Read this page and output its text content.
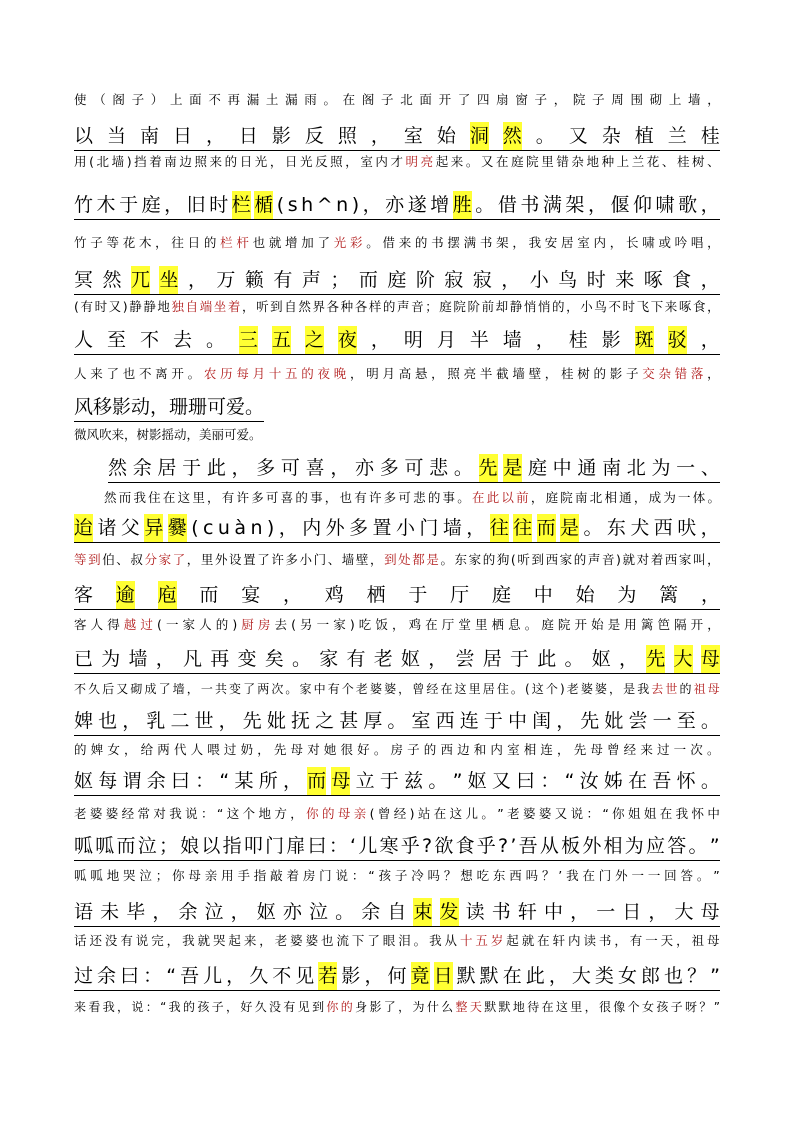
使 （ 阁 子 ） 上 面 不 再 漏 土 漏 雨 。 在 阁 子 北 面 开 了 四 扇 窗 子 ， 院 子 周 围 砌 上 墙 ，
以 当 南 日 ， 日 影 反 照 ， 室 始 洞 然 。 又 杂 植 兰 桂
用 ( 北 墙 ) 挡 着 南 边 照 来 的 日 光 ， 日 光 反 照 ， 室 内 才 明 亮 起 来 。 又 在 庭 院 里 错 杂 地 种 上 兰 花 、 桂 树 、
竹 木 于 庭 ， 旧 时 栏 楯 ( s h ^ n ) ， 亦 遂 增 胜 。 借 书 满 架 ， 偃 仰 啸 歌 ，
竹 子 等 花 木 ， 往 日 的 栏 杆 也 就 增 加 了 光 彩 。 借 来 的 书 摆 满 书 架 ， 我 安 居 室 内 ， 长 啸 或 吟 唱 ，
冥 然 兀 坐 ， 万 籁 有 声 ； 而 庭 阶 寂 寂 ， 小 鸟 时 来 啄 食 ，
( 有 时 又 ) 静 静 地 独 自 端 坐 着 ， 听 到 自 然 界 各 种 各 样 的 声 音 ； 庭 院 阶 前 却 静 悄 悄 的 ， 小 鸟 不 时 飞 下 来 啄 食 ，
人 至 不 去 。 三 五 之 夜 ， 明 月 半 墙 ， 桂 影 斑 驳 ，
人 来 了 也 不 离 开 。 农 历 每 月 十 五 的 夜 晚 ， 明 月 高 悬 ， 照 亮 半 截 墙 壁 ， 桂 树 的 影 子 交 杂 错 落 ，
风移影动，珊珊可爱。
微风吹来，树影摇动，美丽可爱。
然 余 居 于 此 ， 多 可 喜 ， 亦 多 可 悲 。 先 是 庭 中 通 南 北 为 一 、
然 而 我 住 在 这 里 ， 有 许 多 可 喜 的 事 ， 也 有 许 多 可 悲 的 事 。 在 此 以 前 ， 庭 院 南 北 相 通 ， 成 为 一 体 。
迨 诸 父 异 爨 ( c u à n ) ， 内 外 多 置 小 门 墙 ， 往 往 而 是 。 东 犬 西 吠 ，
等 到 伯 、 叔 分 家 了 ， 里 外 设 置 了 许 多 小 门 、 墙 壁 ， 到 处 都 是 。 东 家 的 狗 ( 听 到 西 家 的 声 音 ) 就 对 着 西 家 叫 ，
客 逾 庖 而 宴 ， 鸡 栖 于 厅 庭 中 始 为 篱 ，
客 人 得 越 过 ( 一 家 人 的 ) 厨 房 去 ( 另 一 家 ) 吃 饭 ， 鸡 在 厅 堂 里 栖 息 。 庭 院 开 始 是 用 篱 笆 隔 开 ，
已 为 墙 ， 凡 再 变 矣 。 家 有 老 妪 ， 尝 居 于 此 。 妪 ， 先 大 母
不 久 后 又 砌 成 了 墙 ， 一 共 变 了 两 次 。 家 中 有 个 老 婆 婆 ， 曾 经 在 这 里 居 住 。 ( 这 个 ) 老 婆 婆 ， 是 我 去 世 的 祖 母
婢 也 ， 乳 二 世 ， 先 妣 抚 之 甚 厚 。 室 西 连 于 中 闺 ， 先 妣 尝 一 至 。
的 婢 女 ， 给 两 代 人 喂 过 奶 ， 先 母 对 她 很 好 。 房 子 的 西 边 和 内 室 相 连 ， 先 母 曾 经 来 过 一 次 。
妪 每 谓 余 曰 ： “ 某 所 ， 而 母 立 于 兹 。 ” 妪 又 曰 ： “ 汝 姊 在 吾 怀 。
老 婆 婆 经 常 对 我 说 ： “ 这 个 地 方 ， 你 的 母 亲 ( 曾 经 ) 站 在 这 儿 。 ” 老 婆 婆 又 说 ： “ 你 姐 姐 在 我 怀 中
呱 呱 而 泣 ； 娘 以 指 叩 门 扉 曰 ： ‘ 儿 寒 乎 ? 欲 食 乎 ? ’ 吾 从 板 外 相 为 应 答 。 ”
呱 呱 地 哭 泣 ； 你 母 亲 用 手 指 敲 着 房 门 说 ： “ 孩 子 冷 吗 ？ 想 吃 东 西 吗 ？ ’ 我 在 门 外 一 一 回 答 。 ”
语 未 毕 ， 余 泣 ， 妪 亦 泣 。 余 自 束 发 读 书 轩 中 ， 一 日 ， 大 母
话 还 没 有 说 完 ， 我 就 哭 起 来 ， 老 婆 婆 也 流 下 了 眼 泪 。 我 从 十 五 岁 起 就 在 轩 内 读 书 ， 有 一 天 ， 祖 母
过 余 曰 ： “ 吾 儿 ， 久 不 见 若 影 ， 何 竟 日 默 默 在 此 ， 大 类 女 郎 也 ？ ”
来 看 我 ， 说 ： “ 我 的 孩 子 ， 好 久 没 有 见 到 你 的 身 影 了 ， 为 什 么 整 天 默 默 地 待 在 这 里 ， 很 像 个 女 孩 子 呀 ？ ”
